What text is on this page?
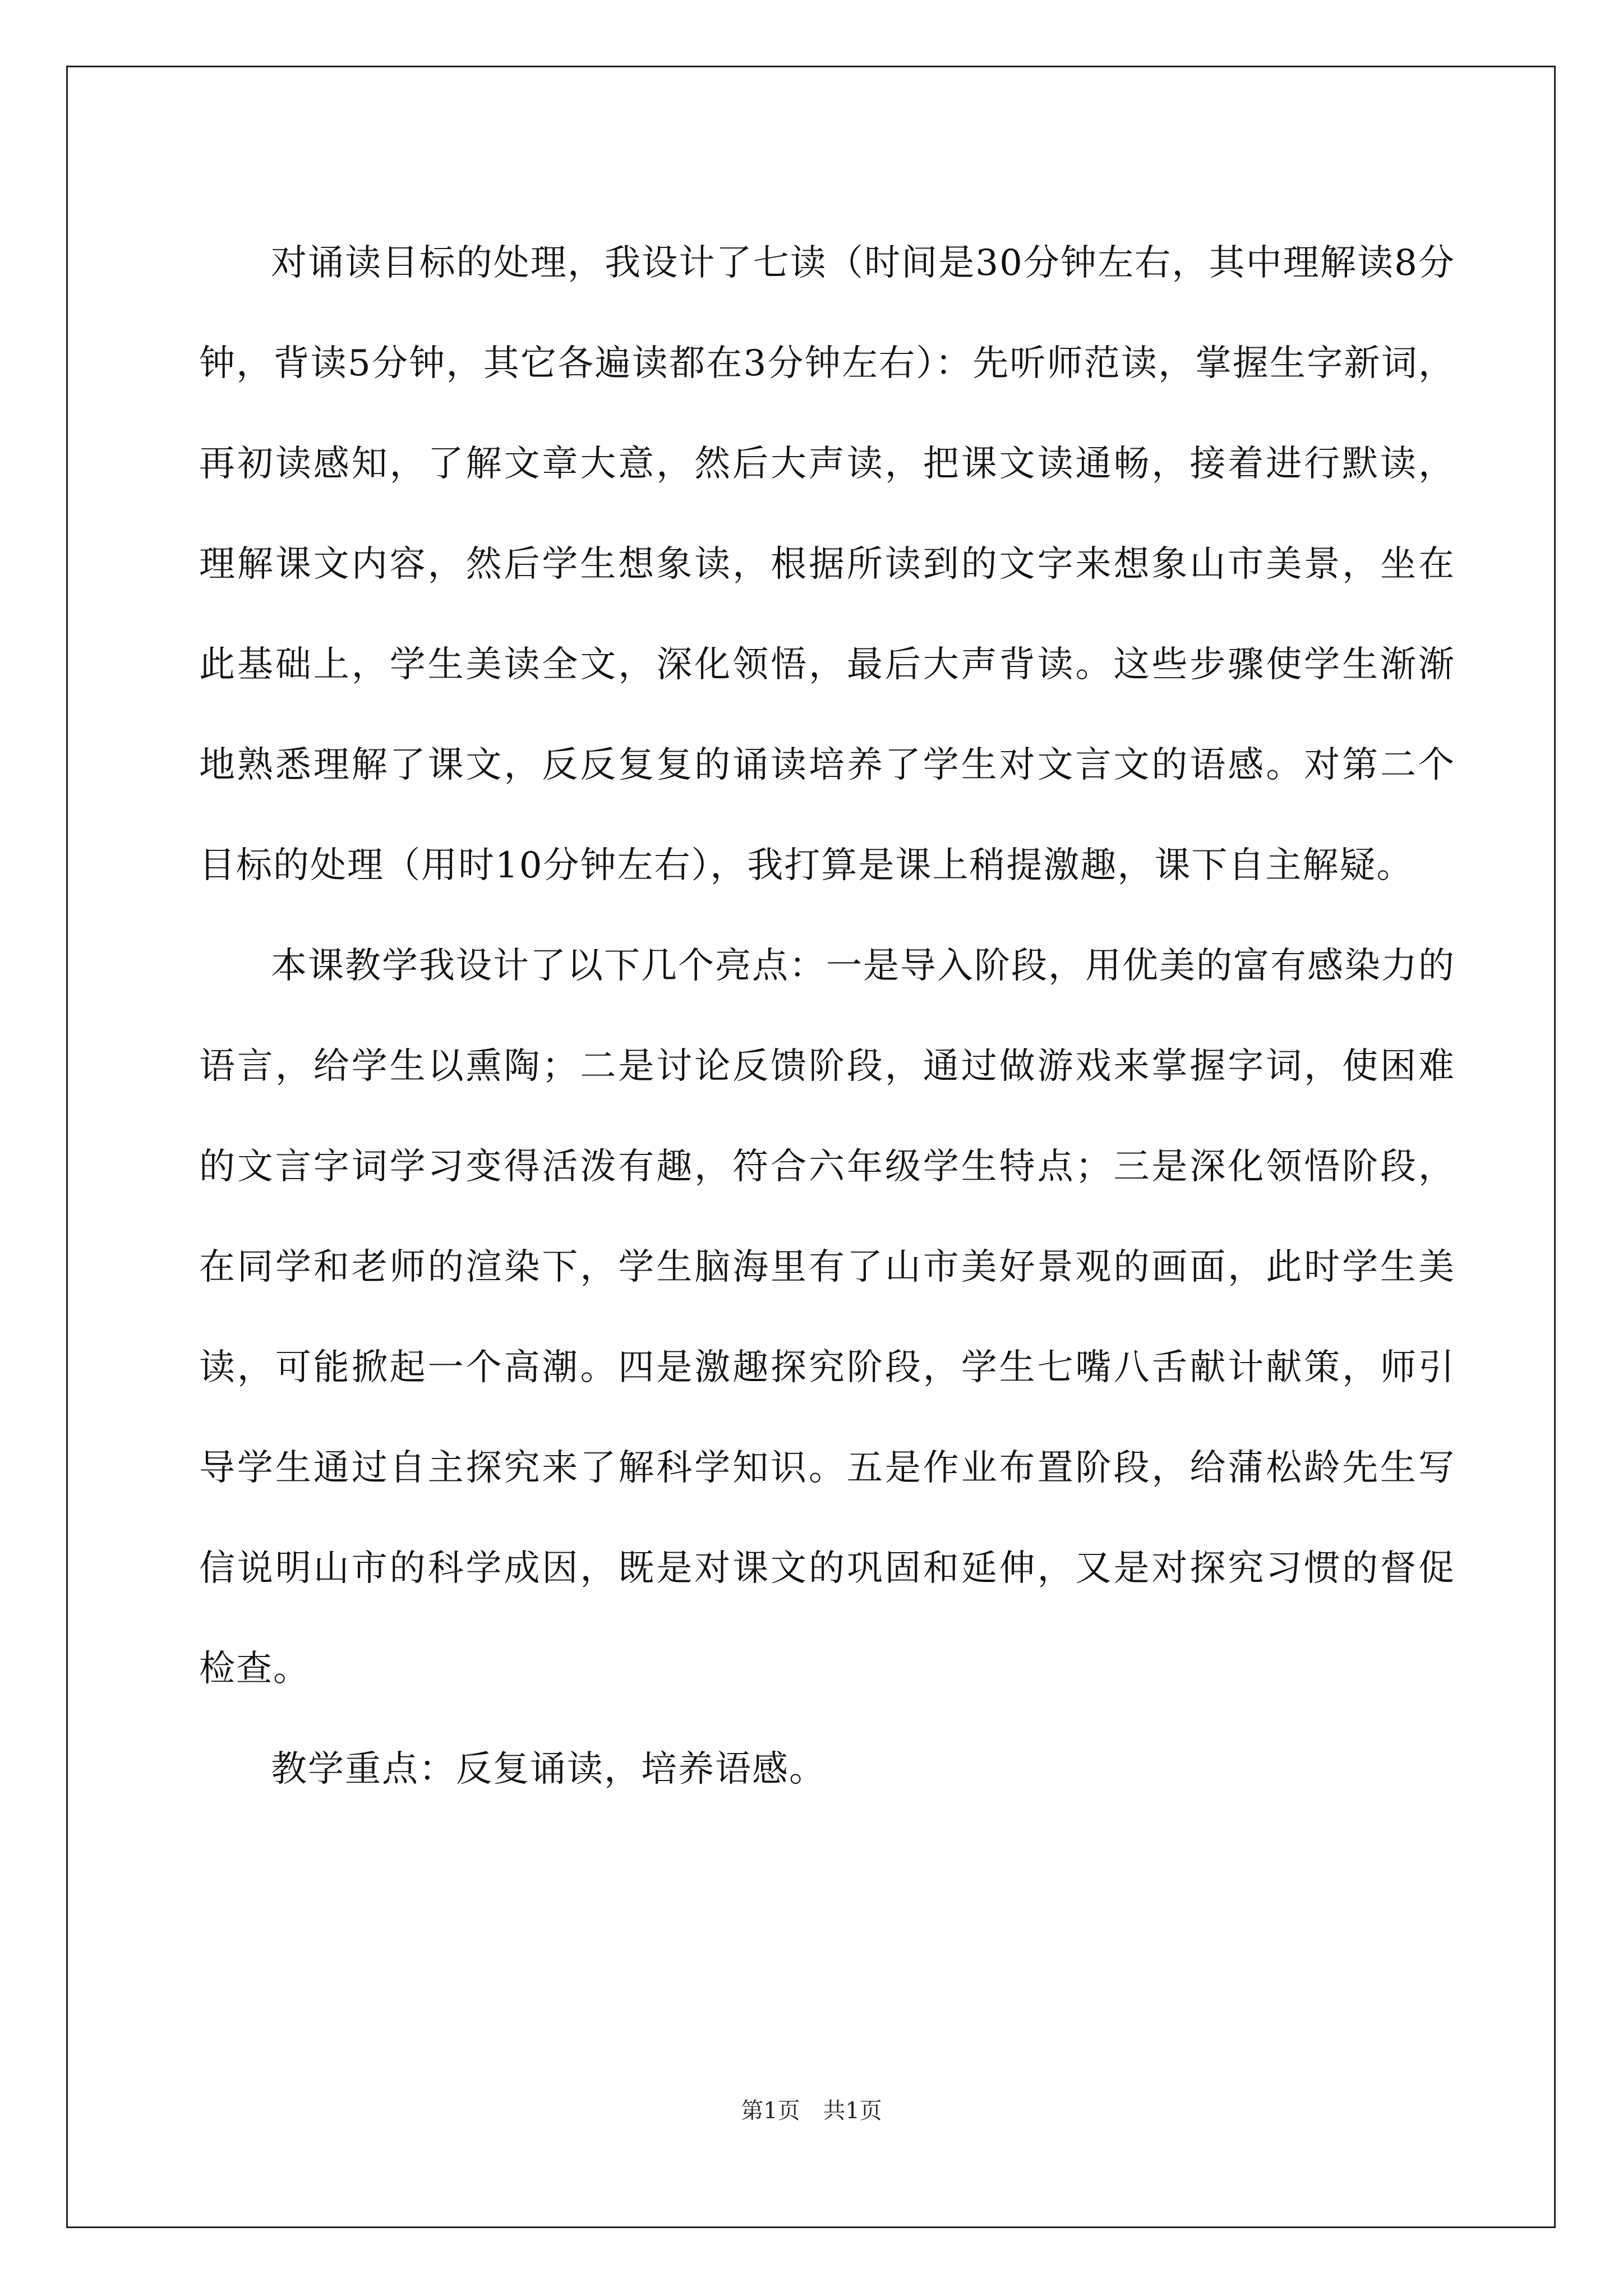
对诵读目标的处理，我设计了七读（时间是30分钟左右，其中理解读8分钟，背读5分钟，其它各遍读都在3分钟左右）：先听师范读，掌握生字新词，再初读感知，了解文章大意，然后大声读，把课文读通畅，接着进行默读，理解课文内容，然后学生想象读，根据所读到的文字来想象山市美景，坐在此基础上，学生美读全文，深化领悟，最后大声背读。这些步骤使学生渐渐地熟悉理解了课文，反反复复的诵读培养了学生对文言文的语感。对第二个目标的处理（用时10分钟左右），我打算是课上稍提激趣，课下自主解疑。

本课教学我设计了以下几个亮点：一是导入阶段，用优美的富有感染力的语言，给学生以熏陶；二是讨论反馈阶段，通过做游戏来掌握字词，使困难的文言字词学习变得活泼有趣，符合六年级学生特点；三是深化领悟阶段，在同学和老师的渲染下，学生脑海里有了山市美好景观的画面，此时学生美读，可能掀起一个高潮。四是激趣探究阶段，学生七嘴八舌献计献策，师引导学生通过自主探究来了解科学知识。五是作业布置阶段，给蒲松龄先生写信说明山市的科学成因，既是对课文的巩固和延伸，又是对探究习惯的督促检查。

教学重点：反复诵读，培养语感。

第1页 共1页
